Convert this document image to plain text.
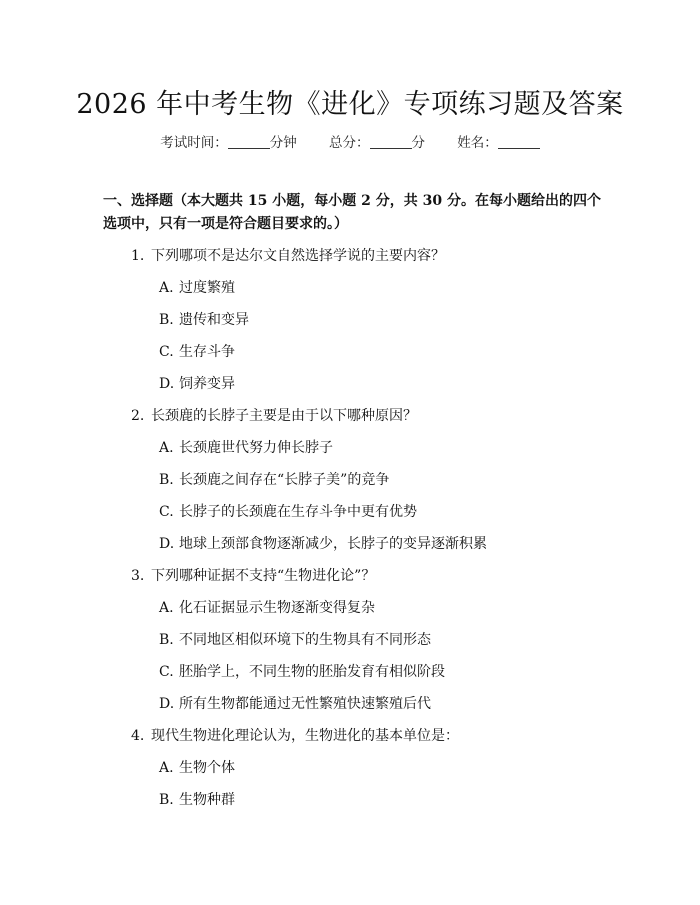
2026 年中考生物《进化》专项练习题及答案
考试时间：	分钟 总分：	分 姓名：
一、选择题（本大题共 15 小题，每小题 2 分，共 30 分。在每小题给出的四个选项中，只有一项是符合题目要求的。）
1. 下列哪项不是达尔文自然选择学说的主要内容？
A. 过度繁殖
B. 遗传和变异
C. 生存斗争
D. 饲养变异
2. 长颈鹿的长脖子主要是由于以下哪种原因？
A. 长颈鹿世代努力伸长脖子
B. 长颈鹿之间存在“长脖子美”的竞争
C. 长脖子的长颈鹿在生存斗争中更有优势
D. 地球上颈部食物逐渐减少，长脖子的变异逐渐积累
3. 下列哪种证据不支持“生物进化论”？
A. 化石证据显示生物逐渐变得复杂
B. 不同地区相似环境下的生物具有不同形态
C. 胚胎学上，不同生物的胚胎发育有相似阶段
D. 所有生物都能通过无性繁殖快速繁殖后代
4. 现代生物进化理论认为，生物进化的基本单位是：
A. 生物个体
B. 生物种群
